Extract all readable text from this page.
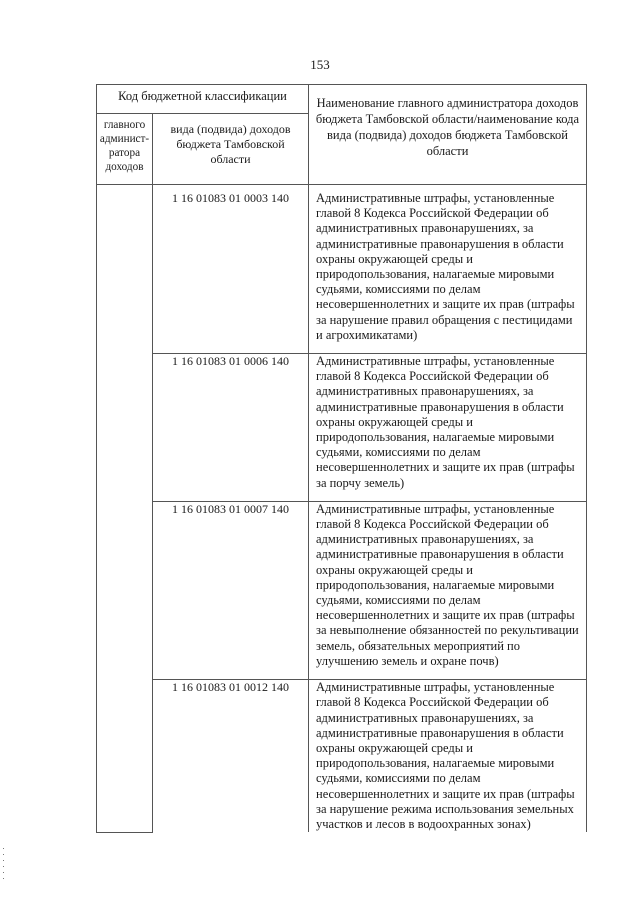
153
Код бюджетной классификации		Наименование главного администратора доходов бюджета Тамбовской области/наименование кода вида (подвида) доходов бюджета Тамбовской области
главного админист-ратора доходов	вида (подвида) доходов бюджета Тамбовской области	
	1 16 01083 01 0003 140	Административные штрафы, установленные главой 8 Кодекса Российской Федерации об административных правонарушениях, за административные правонарушения в области охраны окружающей среды и природопользования, налагаемые мировыми судьями, комиссиями по делам несовершеннолетних и защите их прав (штрафы за нарушение правил обращения с пестицидами и агрохимикатами)
	1 16 01083 01 0006 140	Административные штрафы, установленные главой 8 Кодекса Российской Федерации об административных правонарушениях, за административные правонарушения в области охраны окружающей среды и природопользования, налагаемые мировыми судьями, комиссиями по делам несовершеннолетних и защите их прав (штрафы за порчу земель)
	1 16 01083 01 0007 140	Административные штрафы, установленные главой 8 Кодекса Российской Федерации об административных правонарушениях, за административные правонарушения в области охраны окружающей среды и природопользования, налагаемые мировыми судьями, комиссиями по делам несовершеннолетних и защите их прав (штрафы за невыполнение обязанностей по рекультивации земель, обязательных мероприятий по улучшению земель и охране почв)
	1 16 01083 01 0012 140	Административные штрафы, установленные главой 8 Кодекса Российской Федерации об административных правонарушениях, за административные правонарушения в области охраны окружающей среды и природопользования, налагаемые мировыми судьями, комиссиями по делам несовершеннолетних и защите их прав (штрафы за нарушение режима использования земельных участков и лесов в водоохранных зонах)
